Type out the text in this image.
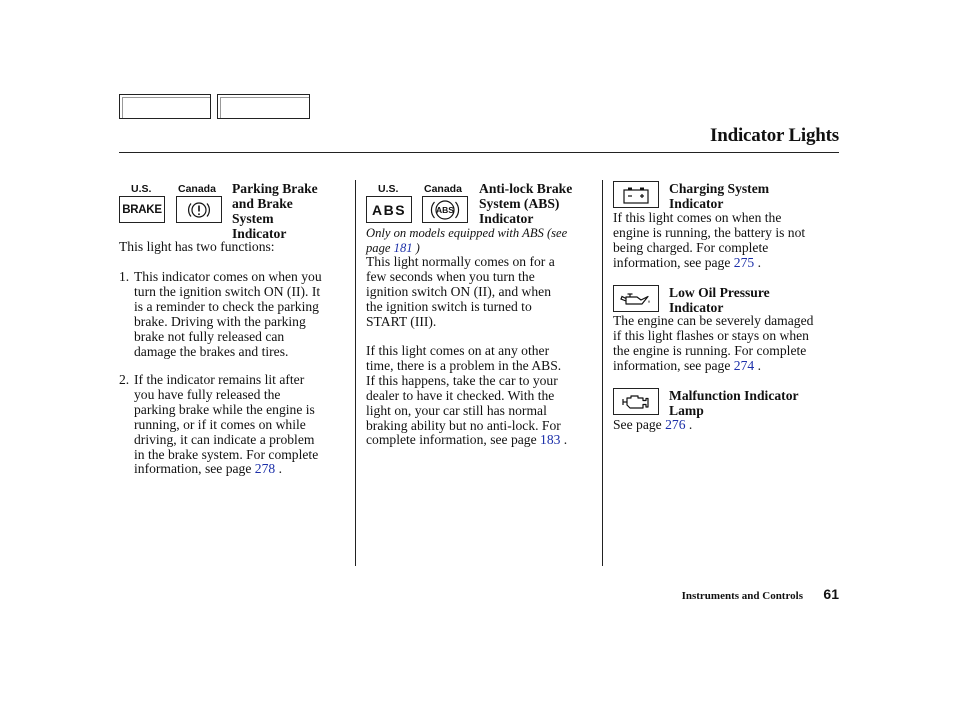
Indicator Lights
U.S.	Canada
BRAKE
Parking Brake
and Brake
System
Indicator
This light has two functions:
1. This indicator comes on when you
turn the ignition switch ON (II). It
is a reminder to check the parking
brake. Driving with the parking
brake not fully released can
damage the brakes and tires.
2. If the indicator remains lit after
you have fully released the
parking brake while the engine is
running, or if it comes on while
driving, it can indicate a problem
in the brake system. For complete
information, see page 278 .
U.S. Canada
ABS	ABS
Anti-lock Brake
System (ABS)
Indicator
Only on models equipped with ABS (see
page 181 )
This light normally comes on for a
few seconds when you turn the
ignition switch ON (II), and when
the ignition switch is turned to
START (III).
If this light comes on at any other
time, there is a problem in the ABS.
If this happens, take the car to your
dealer to have it checked. With the
light on, your car still has normal
braking ability but no anti-lock. For
complete information, see page 183 .
Charging System
Indicator
If this light comes on when the
engine is running, the battery is not
being charged. For complete
information, see page 275 .
Low Oil Pressure
Indicator
The engine can be severely damaged
if this light flashes or stays on when
the engine is running. For complete
information, see page 274 .
Malfunction Indicator
Lamp
See page 276 .
Instruments and Controls 61
